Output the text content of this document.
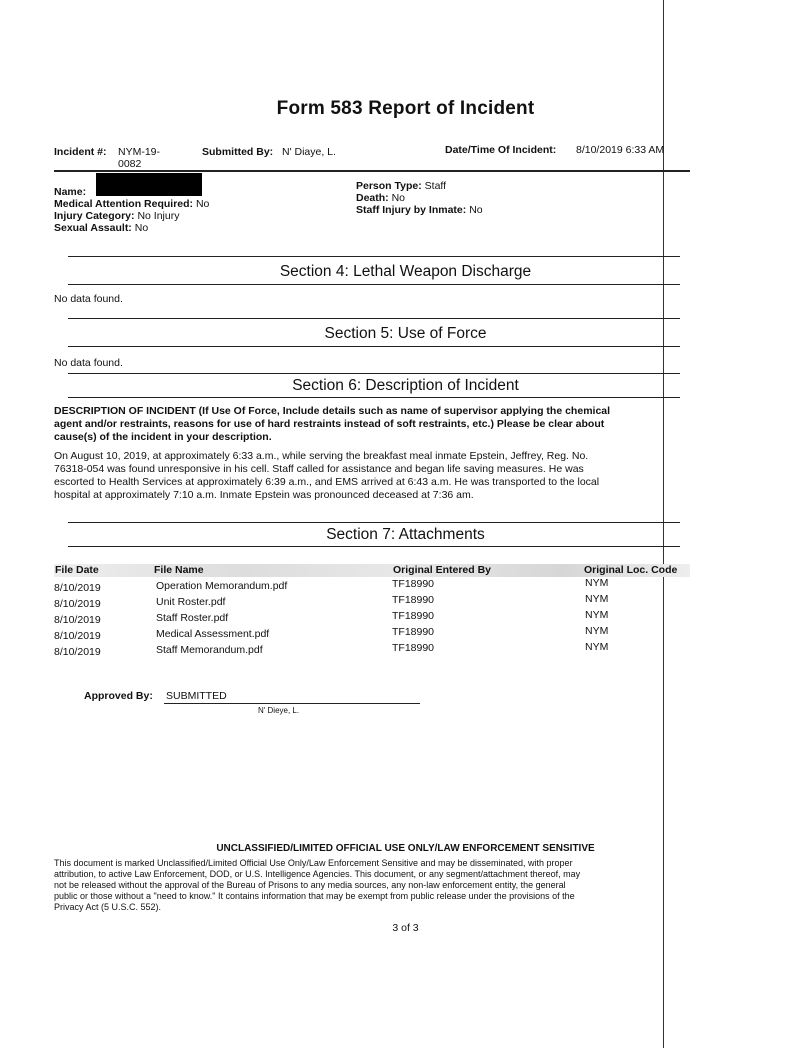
Form 583 Report of Incident
Incident #: NYM-19-
0082
Submitted By: N' Diaye, L.	Date/Time Of Incident: 8/10/2019 6:33 AM
Name:
Medical Attention Required: No
Injury Category: No Injury
Sexual Assault: No
Person Type: Staff
Death: No
Staff Injury by Inmate: No
Section 4: Lethal Weapon Discharge
No data found.
Section 5: Use of Force
No data found.
Section 6: Description of Incident
DESCRIPTION OF INCIDENT (If Use Of Force, Include details such as name of supervisor applying the chemical
agent and/or restraints, reasons for use of hard restraints instead of soft restraints, etc.) Please be clear about
cause(s) of the incident in your description.
On August 10, 2019, at approximately 6:33 a.m., while serving the breakfast meal inmate Epstein, Jeffrey, Reg. No.
76318-054 was found unresponsive in his cell. Staff called for assistance and began life saving measures. He was
escorted to Health Services at approximately 6:39 a.m., and EMS arrived at 6:43 a.m. He was transported to the local
hospital at approximately 7:10 a.m. Inmate Epstein was pronounced deceased at 7:36 am.
Section 7: Attachments
File Date	File Name	Original Entered By	Original Loc. Code
8/10/2019	Operation Memorandum.pdf	TF18990	NYM
8/10/2019	Unit Roster.pdf	TF18990	NYM
8/10/2019	Staff Roster.pdf	TF18990	NYM
8/10/2019	Medical Assessment.pdf	TF18990	NYM
8/10/2019	Staff Memorandum.pdf	TF18990	NYM
Approved By: SUBMITTED
N' Dieye, L.
UNCLASSIFIED/LIMITED OFFICIAL USE ONLY/LAW ENFORCEMENT SENSITIVE
This document is marked Unclassified/Limited Official Use Only/Law Enforcement Sensitive and may be disseminated, with proper
attribution, to active Law Enforcement, DOD, or U.S. Intelligence Agencies. This document, or any segment/attachment thereof, may
not be released without the approval of the Bureau of Prisons to any media sources, any non-law enforcement entity, the general
public or those without a "need to know." It contains information that may be exempt from public release under the provisions of the
Privacy Act (5 U.S.C. 552).
3 of 3
